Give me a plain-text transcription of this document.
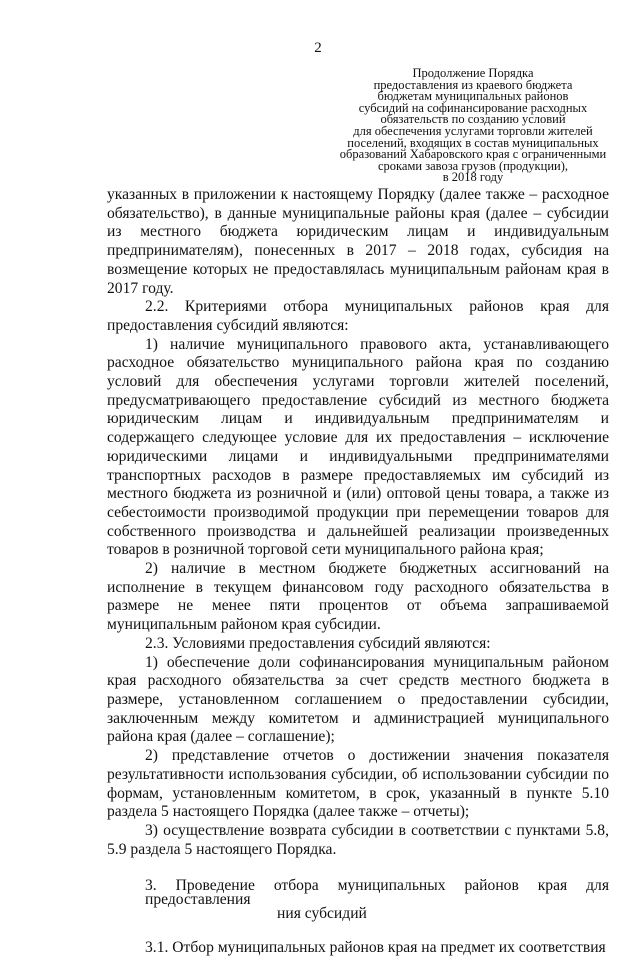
2
Продолжение Порядка
предоставления из краевого бюджета
бюджетам муниципальных районов
субсидий на софинансирование расходных
обязательств по созданию условий
для обеспечения услугами торговли жителей
поселений, входящих в состав муниципальных
образований Хабаровского края с ограниченными
сроками завоза грузов (продукции),
в 2018 году

указанных в приложении к настоящему Порядку (далее также – расходное обязательство), в данные муниципальные районы края (далее – субсидии из местного бюджета юридическим лицам и индивидуальным предпринимателям), понесенных в 2017 – 2018 годах, субсидия на возмещение которых не предоставлялась муниципальным районам края в 2017 году.

2.2. Критериями отбора муниципальных районов края для предоставления субсидий являются:

1) наличие муниципального правового акта, устанавливающего расходное обязательство муниципального района края по созданию условий для обеспечения услугами торговли жителей поселений, предусматривающего предоставление субсидий из местного бюджета юридическим лицам и индивидуальным предпринимателям и содержащего следующее условие для их предоставления – исключение юридическими лицами и индивидуальными предпринимателями транспортных расходов в размере предоставляемых им субсидий из местного бюджета из розничной и (или) оптовой цены товара, а также из себестоимости производимой продукции при перемещении товаров для собственного производства и дальнейшей реализации произведенных товаров в розничной торговой сети муниципального района края;

2) наличие в местном бюджете бюджетных ассигнований на исполнение в текущем финансовом году расходного обязательства в размере не менее пяти процентов от объема запрашиваемой муниципальным районом края субсидии.

2.3. Условиями предоставления субсидий являются:

1) обеспечение доли софинансирования муниципальным районом края расходного обязательства за счет средств местного бюджета в размере, установленном соглашением о предоставлении субсидии, заключенным между комитетом и администрацией муниципального района края (далее – соглашение);

2) представление отчетов о достижении значения показателя результативности использования субсидии, об использовании субсидии по формам, установленным комитетом, в срок, указанный в пункте 5.10 раздела 5 настоящего Порядка (далее также – отчеты);

3) осуществление возврата субсидии в соответствии с пунктами 5.8, 5.9 раздела 5 настоящего Порядка.

3. Проведение отбора муниципальных районов края для предоставления
ния субсидий

3.1. Отбор муниципальных районов края на предмет их соответствия
